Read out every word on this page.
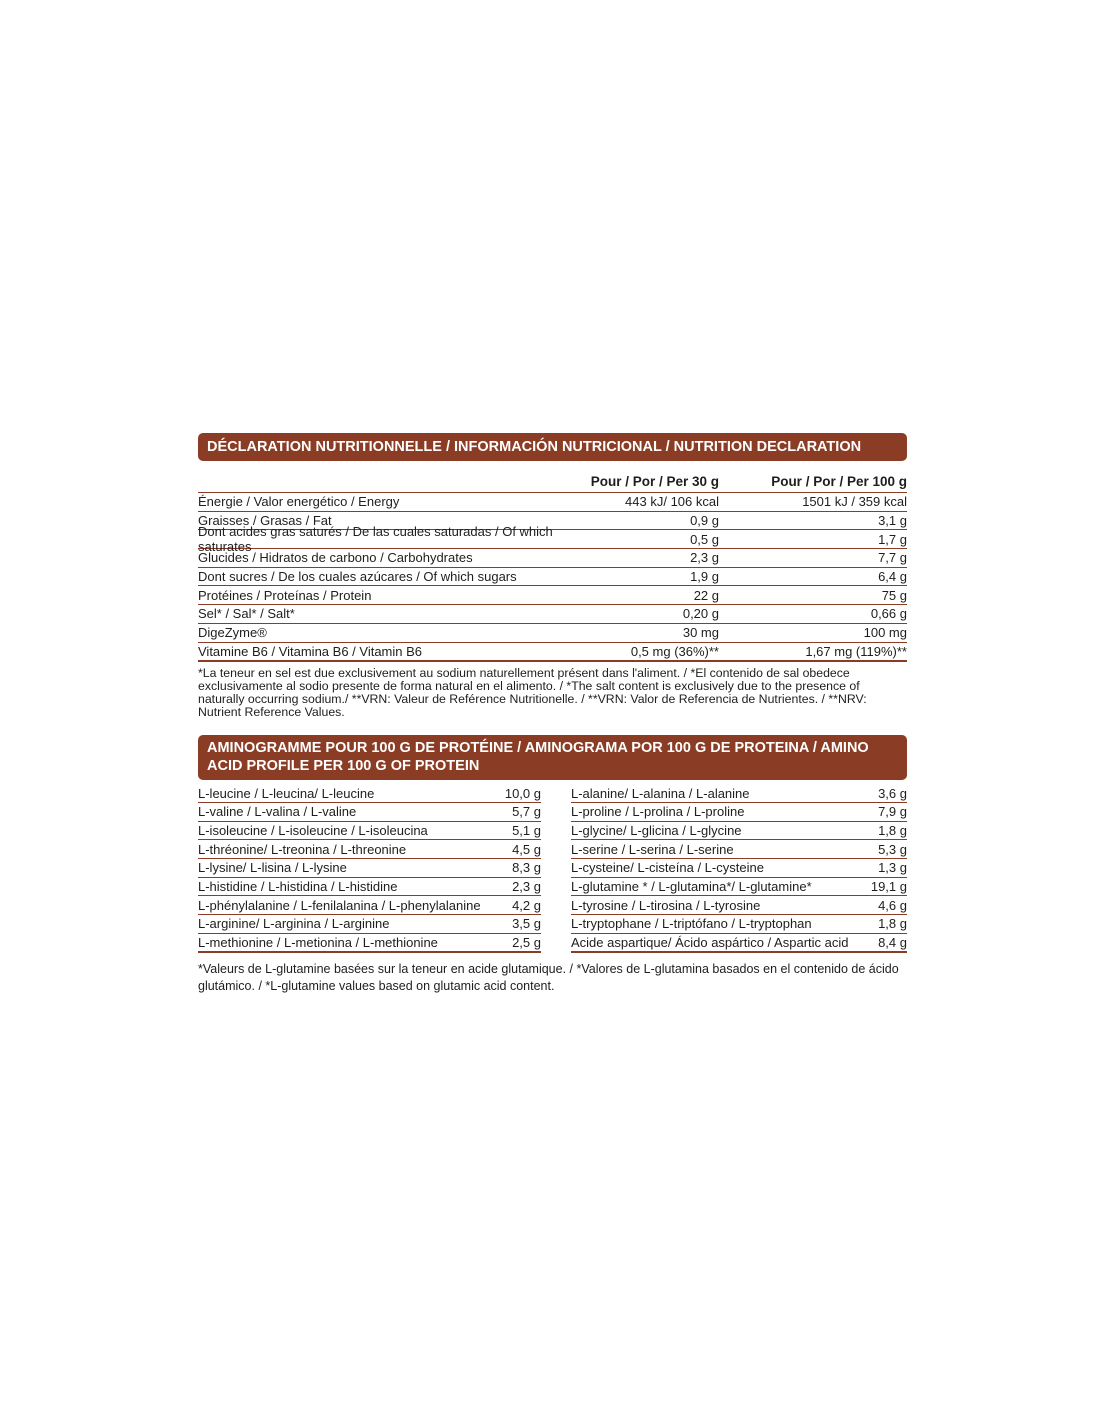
DÉCLARATION NUTRITIONNELLE / INFORMACIÓN NUTRICIONAL / NUTRITION DECLARATION
Pour / Por / Per 30 g	Pour / Por / Per 100 g
Énergie / Valor energético / Energy	443 kJ/ 106 kcal	1501 kJ / 359 kcal
Graisses / Grasas / Fat	0,9 g	3,1 g
Dont acides gras saturés / De las cuales saturadas / Of which saturates	0,5 g	1,7 g
Glucides / Hidratos de carbono / Carbohydrates	2,3 g	7,7 g
Dont sucres / De los cuales azúcares / Of which sugars	1,9 g	6,4 g
Protéines / Proteínas / Protein	22 g	75 g
Sel* / Sal* / Salt*	0,20 g	0,66 g
DigeZyme®	30 mg	100 mg
Vitamine B6 / Vitamina B6 / Vitamin B6	0,5 mg (36%)**	1,67 mg (119%)**
*La teneur en sel est due exclusivement au sodium naturellement présent dans l'aliment. / *El contenido de sal obedece exclusivamente al sodio presente de forma natural en el alimento. / *The salt content is exclusively due to the presence of naturally occurring sodium./ **VRN: Valeur de Reférence Nutritionelle. / **VRN: Valor de Referencia de Nutrientes. / **NRV: Nutrient Reference Values.
AMINOGRAMME POUR 100 G DE PROTÉINE / AMINOGRAMA POR 100 G DE PROTEINA / AMINO ACID PROFILE PER 100 G OF PROTEIN
L-leucine / L-leucina/ L-leucine	10,0 g
L-valine / L-valina / L-valine	5,7 g
L-isoleucine / L-isoleucine / L-isoleucina	5,1 g
L-thréonine/ L-treonina / L-threonine	4,5 g
L-lysine/ L-lisina / L-lysine	8,3 g
L-histidine / L-histidina / L-histidine	2,3 g
L-phénylalanine / L-fenilalanina / L-phenylalanine	4,2 g
L-arginine/ L-arginina / L-arginine	3,5 g
L-methionine / L-metionina / L-methionine	2,5 g
L-alanine/ L-alanina / L-alanine	3,6 g
L-proline / L-prolina / L-proline	7,9 g
L-glycine/ L-glicina / L-glycine	1,8 g
L-serine / L-serina / L-serine	5,3 g
L-cysteine/ L-cisteína / L-cysteine	1,3 g
L-glutamine * / L-glutamina*/ L-glutamine*	19,1 g
L-tyrosine / L-tirosina / L-tyrosine	4,6 g
L-tryptophane / L-triptófano / L-tryptophan	1,8 g
Acide aspartique/ Ácido aspártico / Aspartic acid	8,4 g
*Valeurs de L-glutamine basées sur la teneur en acide glutamique. / *Valores de L-glutamina basados en el contenido de ácido glutámico. / *L-glutamine values based on glutamic acid content.
